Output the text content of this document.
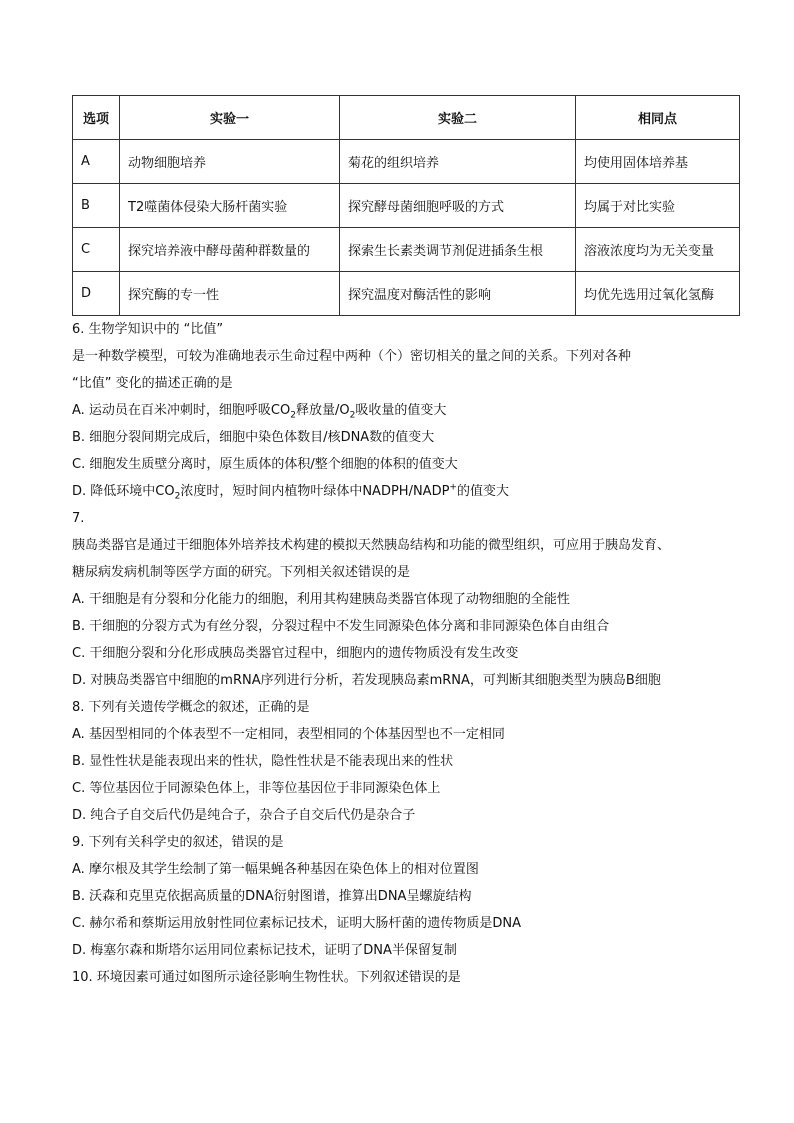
选项	实验一	实验二	相同点
A	动物细胞培养	菊花的组织培养	均使用固体培养基
B	T2噬菌体侵染大肠杆菌实验	探究酵母菌细胞呼吸的方式	均属于对比实验
C	探究培养液中酵母菌种群数量的	探索生长素类调节剂促进插条生根	溶液浓度均为无关变量
D	探究酶的专一性	探究温度对酶活性的影响	均优先选用过氧化氢酶
6. 生物学知识中的 “比值”
是一种数学模型，可较为准确地表示生命过程中两种（个）密切相关的量之间的关系。下列对各种
“比值” 变化的描述正确的是
A. 运动员在百米冲刺时，细胞呼吸$CO_2$释放量$/O_2$吸收量的值变大
B. 细胞分裂间期完成后，细胞中染色体数目/核DNA数的值变大
C. 细胞发生质壁分离时，原生质体的体积/整个细胞的体积的值变大
D. 降低环境中$CO_2$浓度时，短时间内植物叶绿体中NADPH/NADP+的值变大
7.
胰岛类器官是通过干细胞体外培养技术构建的模拟天然胰岛结构和功能的微型组织，可应用于胰岛发育、
糖尿病发病机制等医学方面的研究。下列相关叙述错误的是
A. 干细胞是有分裂和分化能力的细胞，利用其构建胰岛类器官体现了动物细胞的全能性
B. 干细胞的分裂方式为有丝分裂，分裂过程中不发生同源染色体分离和非同源染色体自由组合
C. 干细胞分裂和分化形成胰岛类器官过程中，细胞内的遗传物质没有发生改变
D. 对胰岛类器官中细胞的mRNA序列进行分析，若发现胰岛素mRNA，可判断其细胞类型为胰岛B细胞
8. 下列有关遗传学概念的叙述，正确的是
A. 基因型相同的个体表型不一定相同，表型相同的个体基因型也不一定相同
B. 显性性状是能表现出来的性状，隐性性状是不能表现出来的性状
C. 等位基因位于同源染色体上，非等位基因位于非同源染色体上
D. 纯合子自交后代仍是纯合子，杂合子自交后代仍是杂合子
9. 下列有关科学史的叙述，错误的是
A. 摩尔根及其学生绘制了第一幅果蝇各种基因在染色体上的相对位置图
B. 沃森和克里克依据高质量的DNA衍射图谱，推算出DNA呈螺旋结构
C. 赫尔希和蔡斯运用放射性同位素标记技术，证明大肠杆菌的遗传物质是DNA
D. 梅塞尔森和斯塔尔运用同位素标记技术，证明了DNA半保留复制
10. 环境因素可通过如图所示途径影响生物性状。下列叙述错误的是
